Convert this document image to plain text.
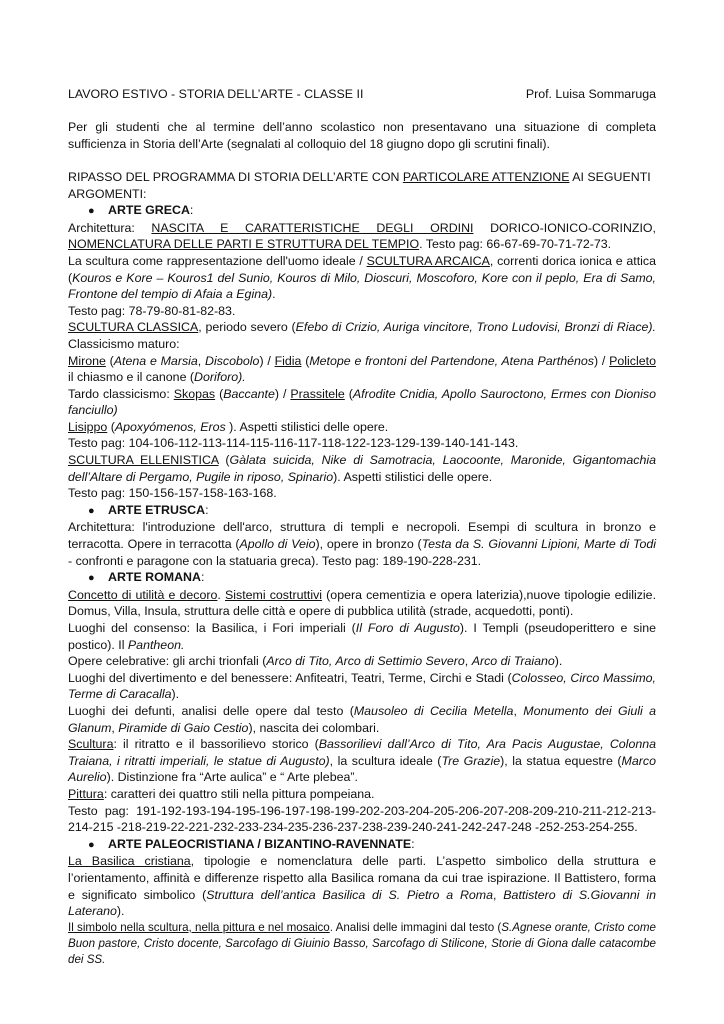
LAVORO ESTIVO - STORIA DELL’ARTE - CLASSE II	Prof. Luisa Sommaruga

Per gli studenti che al termine dell’anno scolastico non presentavano una situazione di completa sufficienza in Storia dell’Arte (segnalati al colloquio del 18 giugno dopo gli scrutini finali).

RIPASSO DEL PROGRAMMA DI STORIA DELL’ARTE CON PARTICOLARE ATTENZIONE AI SEGUENTI ARGOMENTI:

●	ARTE GRECA:

Architettura: NASCITA E CARATTERISTICHE DEGLI ORDINI DORICO-IONICO-CORINZIO, NOMENCLATURA DELLE PARTI E STRUTTURA DEL TEMPIO. Testo pag: 66-67-69-70-71-72-73.

La scultura come rappresentazione dell'uomo ideale / SCULTURA ARCAICA, correnti dorica ionica e attica (Kouros e Kore – Kouros1 del Sunio, Kouros di Milo, Dioscuri, Moscoforo, Kore con il peplo, Era di Samo, Frontone del tempio di Afaia a Egina).

Testo pag: 78-79-80-81-82-83.

SCULTURA CLASSICA, periodo severo (Efebo di Crizio, Auriga vincitore, Trono Ludovisi, Bronzi di Riace). Classicismo maturo:

Mirone (Atena e Marsia, Discobolo) / Fidia (Metope e frontoni del Partendone, Atena Parthénos) / Policleto il chiasmo e il canone (Doriforo).

Tardo classicismo: Skopas (Baccante) / Prassitele (Afrodite Cnidia, Apollo Sauroctono, Ermes con Dioniso fanciullo)

Lisippo (Apoxyómenos, Eros ). Aspetti stilistici delle opere.

Testo pag: 104-106-112-113-114-115-116-117-118-122-123-129-139-140-141-143.

SCULTURA ELLENISTICA (Gàlata suicida, Nike di Samotracia, Laocoonte, Maronide, Gigantomachia dell’Altare di Pergamo, Pugile in riposo, Spinario). Aspetti stilistici delle opere.

Testo pag: 150-156-157-158-163-168.

●	ARTE ETRUSCA:

Architettura: l'introduzione dell'arco, struttura di templi e necropoli. Esempi di scultura in bronzo e terracotta. Opere in terracotta (Apollo di Veio), opere in bronzo (Testa da S. Giovanni Lipioni, Marte di Todi - confronti e paragone con la statuaria greca). Testo pag: 189-190-228-231.

●	ARTE ROMANA:

Concetto di utilità e decoro. Sistemi costruttivi (opera cementizia e opera laterizia),nuove tipologie edilizie. Domus, Villa, Insula, struttura delle città e opere di pubblica utilità (strade, acquedotti, ponti).

Luoghi del consenso: la Basilica, i Fori imperiali (Il Foro di Augusto). I Templi (pseudoperittero e sine postico). Il Pantheon.

Opere celebrative: gli archi trionfali (Arco di Tito, Arco di Settimio Severo, Arco di Traiano).

Luoghi del divertimento e del benessere: Anfiteatri, Teatri, Terme, Circhi e Stadi (Colosseo, Circo Massimo, Terme di Caracalla).

Luoghi dei defunti, analisi delle opere dal testo (Mausoleo di Cecilia Metella, Monumento dei Giuli a Glanum, Piramide di Gaio Cestio), nascita dei colombari.

Scultura: il ritratto e il bassorilievo storico (Bassorilievi dall’Arco di Tito, Ara Pacis Augustae, Colonna Traiana, i ritratti imperiali, le statue di Augusto), la scultura ideale (Tre Grazie), la statua equestre (Marco Aurelio). Distinzione fra “Arte aulica” e “ Arte plebea”.

Pittura: caratteri dei quattro stili nella pittura pompeiana.

Testo pag: 191-192-193-194-195-196-197-198-199-202-203-204-205-206-207-208-209-210-211-212-213-214-215 -218-219-22-221-232-233-234-235-236-237-238-239-240-241-242-247-248 -252-253-254-255.

●	ARTE PALEOCRISTIANA / BIZANTINO-RAVENNATE:

La Basilica cristiana, tipologie e nomenclatura delle parti. L’aspetto simbolico della struttura e l’orientamento, affinità e differenze rispetto alla Basilica romana da cui trae ispirazione. Il Battistero, forma e significato simbolico (Struttura dell’antica Basilica di S. Pietro a Roma, Battistero di S.Giovanni in Laterano).

Il simbolo nella scultura, nella pittura e nel mosaico. Analisi delle immagini dal testo (S.Agnese orante, Cristo come Buon pastore, Cristo docente, Sarcofago di Giuinio Basso, Sarcofago di Stilicone, Storie di Giona dalle catacombe dei SS.
